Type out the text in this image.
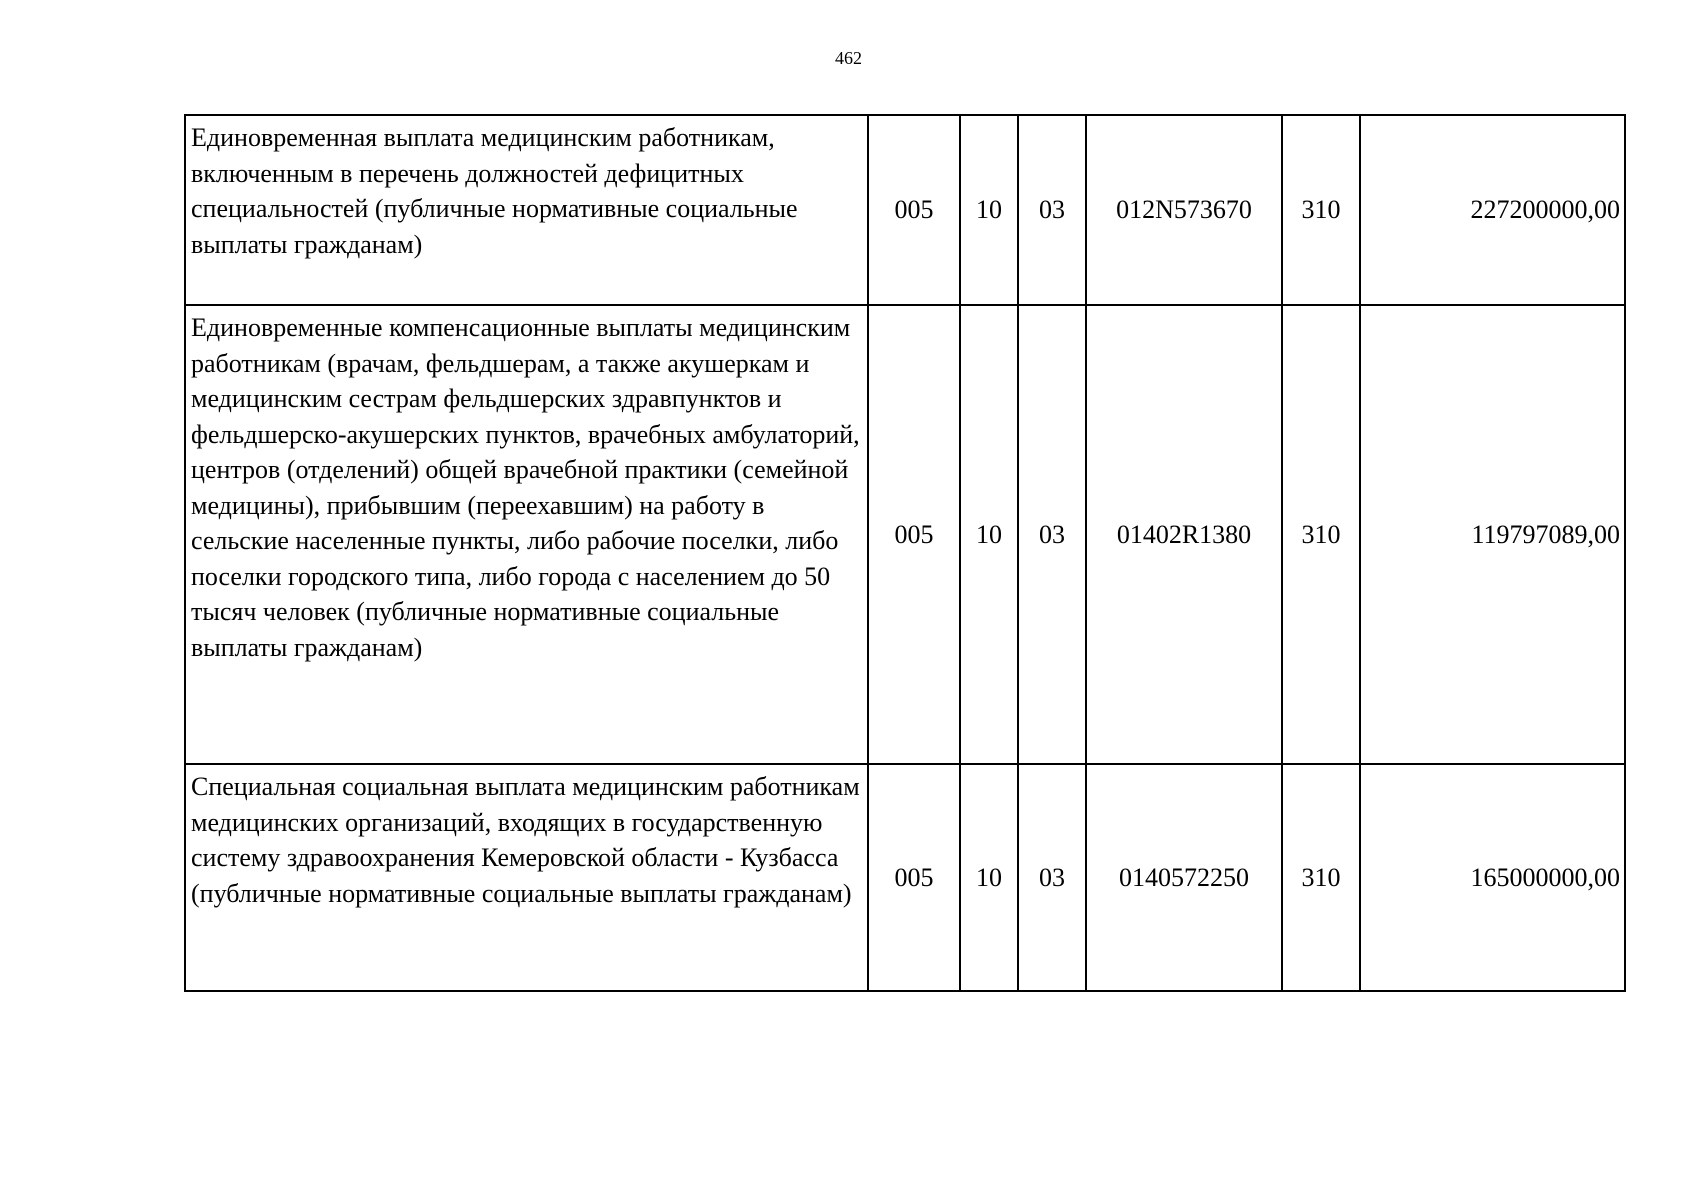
462
Единовременная выплата медицинским работникам, включенным в перечень должностей дефицитных специальностей (публичные нормативные социальные выплаты гражданам)	005	10	03	012N573670	310	227200000,00
Единовременные компенсационные выплаты медицинским работникам (врачам, фельдшерам, а также акушеркам и медицинским сестрам фельдшерских здравпунктов и фельдшерско-акушерских пунктов, врачебных амбулаторий, центров (отделений) общей врачебной практики (семейной медицины), прибывшим (переехавшим) на работу в сельские населенные пункты, либо рабочие поселки, либо поселки городского типа, либо города с населением до 50 тысяч человек (публичные нормативные социальные выплаты гражданам)	005	10	03	01402R1380	310	119797089,00
Специальная социальная выплата медицинским работникам медицинских организаций, входящих в государственную систему здравоохранения Кемеровской области - Кузбасса (публичные нормативные социальные выплаты гражданам)	005	10	03	0140572250	310	165000000,00
